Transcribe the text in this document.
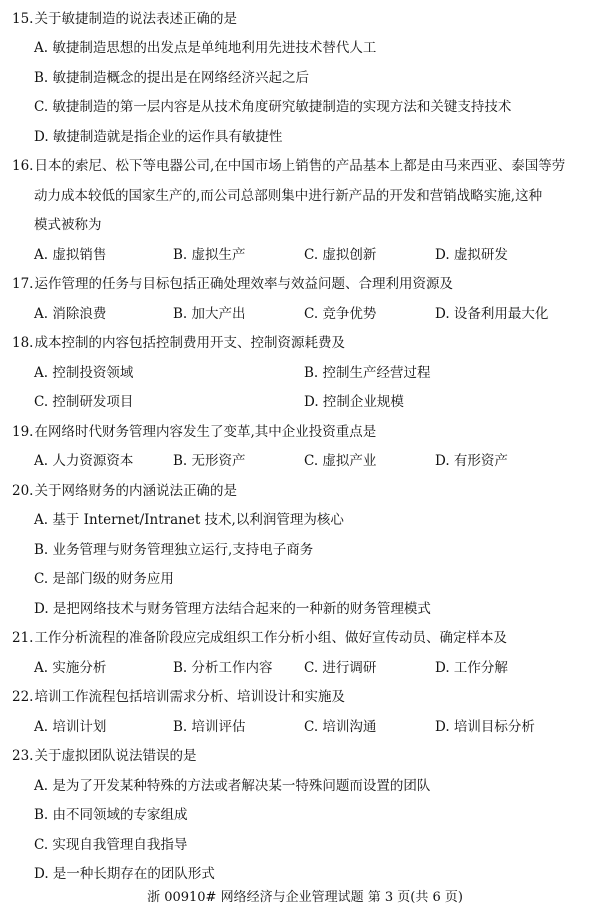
15.关于敏捷制造的说法表述正确的是
A. 敏捷制造思想的出发点是单纯地利用先进技术替代人工
B. 敏捷制造概念的提出是在网络经济兴起之后
C. 敏捷制造的第一层内容是从技术角度研究敏捷制造的实现方法和关键支持技术
D. 敏捷制造就是指企业的运作具有敏捷性
16.日本的索尼、松下等电器公司,在中国市场上销售的产品基本上都是由马来西亚、泰国等劳
动力成本较低的国家生产的,而公司总部则集中进行新产品的开发和营销战略实施,这种
模式被称为
A. 虚拟销售	B. 虚拟生产	C. 虚拟创新	D. 虚拟研发
17.运作管理的任务与目标包括正确处理效率与效益问题、合理利用资源及
A. 消除浪费	B. 加大产出	C. 竞争优势	D. 设备利用最大化
18.成本控制的内容包括控制费用开支、控制资源耗费及
A. 控制投资领域	B. 控制生产经营过程
C. 控制研发项目	D. 控制企业规模
19.在网络时代财务管理内容发生了变革,其中企业投资重点是
A. 人力资源资本	B. 无形资产	C. 虚拟产业	D. 有形资产
20.关于网络财务的内涵说法正确的是
A. 基于 Internet/Intranet 技术,以利润管理为核心
B. 业务管理与财务管理独立运行,支持电子商务
C. 是部门级的财务应用
D. 是把网络技术与财务管理方法结合起来的一种新的财务管理模式
21.工作分析流程的准备阶段应完成组织工作分析小组、做好宣传动员、确定样本及
A. 实施分析	B. 分析工作内容 C. 进行调研	D. 工作分解
22.培训工作流程包括培训需求分析、培训设计和实施及
A. 培训计划	B. 培训评估	C. 培训沟通	D. 培训目标分析
23.关于虚拟团队说法错误的是
A. 是为了开发某种特殊的方法或者解决某一特殊问题而设置的团队
B. 由不同领域的专家组成
C. 实现自我管理自我指导
D. 是一种长期存在的团队形式
浙 00910# 网络经济与企业管理试题 第 3 页(共 6 页)
